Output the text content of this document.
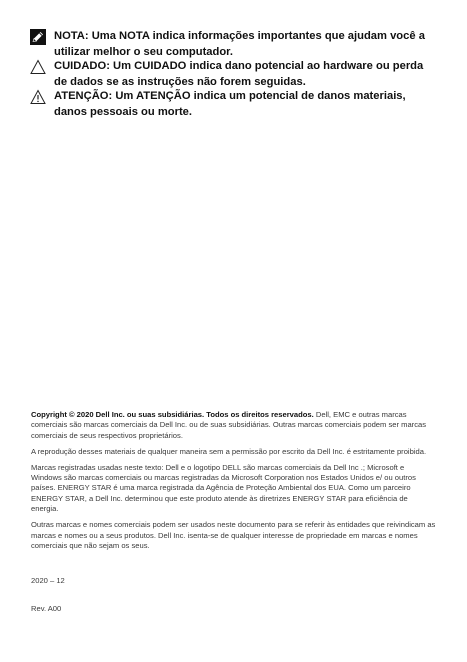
NOTA: Uma NOTA indica informações importantes que ajudam você a utilizar melhor o seu computador.
CUIDADO: Um CUIDADO indica dano potencial ao hardware ou perda de dados se as instruções não forem seguidas.
ATENÇÃO: Um ATENÇÃO indica um potencial de danos materiais, danos pessoais ou morte.

Copyright © 2020 Dell Inc. ou suas subsidiárias. Todos os direitos reservados. Dell, EMC e outras marcas comerciais são marcas comerciais da Dell Inc. ou de suas subsidiárias. Outras marcas comerciais podem ser marcas comerciais de seus respectivos proprietários.

A reprodução desses materiais de qualquer maneira sem a permissão por escrito da Dell Inc. é estritamente proibida.

Marcas registradas usadas neste texto: Dell e o logotipo DELL são marcas comerciais da Dell Inc .; Microsoft e Windows são marcas comerciais ou marcas registradas da Microsoft Corporation nos Estados Unidos e/ ou outros países. ENERGY STAR é uma marca registrada da Agência de Proteção Ambiental dos EUA. Como um parceiro ENERGY STAR, a Dell Inc. determinou que este produto atende às diretrizes ENERGY STAR para eficiência de energia.

Outras marcas e nomes comerciais podem ser usados neste documento para se referir às entidades que reivindicam as marcas e nomes ou a seus produtos. Dell Inc. isenta-se de qualquer interesse de propriedade em marcas e nomes comerciais que não sejam os seus.

2020 – 12
Rev. A00
